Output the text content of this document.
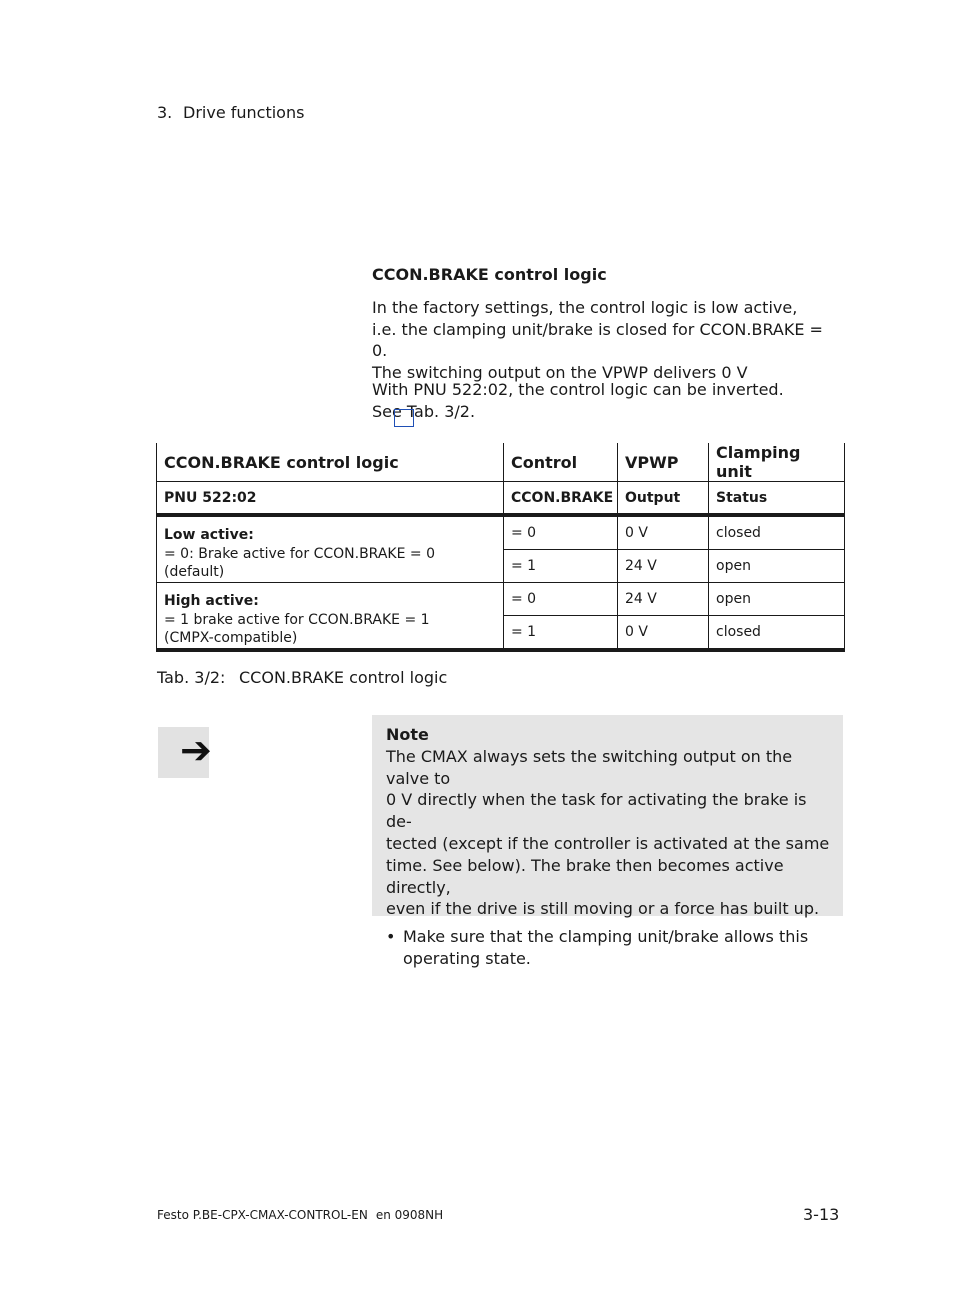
3. Drive functions
CCON.BRAKE control logic
In the factory settings, the control logic is low active,
i.e. the clamping unit/brake is closed for CCON.BRAKE = 0.
The switching output on the VPWP delivers 0 V
With PNU 522:02, the control logic can be inverted.
See Tab. 3/2.
CCON.BRAKE control logic	Control	VPWP	Clamping unit
PNU 522:02	CCON.BRAKE	Output	Status

Low active:
= 0: Brake active for CCON.BRAKE = 0 (default)	= 0	0 V	closed
	= 1	24 V	open

High active:
= 1 brake active for CCON.BRAKE = 1
(CMPX-compatible)	= 0	24 V	open
	= 1	0 V	closed
Tab. 3/2: CCON.BRAKE control logic
➔	Note
The CMAX always sets the switching output on the valve to
0 V directly when the task for activating the brake is de-
tected (except if the controller is activated at the same
time. See below). The brake then becomes active directly,
even if the drive is still moving or a force has built up.
• Make sure that the clamping unit/brake allows this
operating state.
Festo P.BE-CPX-CMAX-CONTROL-EN en 0908NH	3-13
